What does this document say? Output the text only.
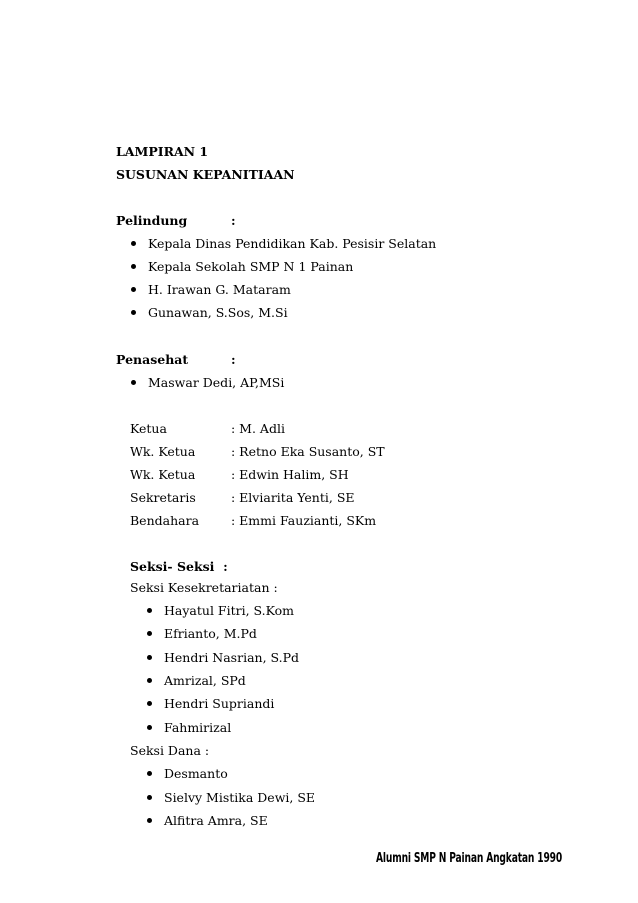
LAMPIRAN 1
SUSUNAN KEPANITIAAN
Pelindung	:
Kepala Dinas Pendidikan Kab. Pesisir Selatan
Kepala Sekolah SMP N 1 Painan
H. Irawan G. Mataram
Gunawan, S.Sos, M.Si
Penasehat	:
Maswar Dedi, AP,MSi
Ketua	: M. Adli
Wk. Ketua	: Retno Eka Susanto, ST
Wk. Ketua	: Edwin Halim, SH
Sekretaris	: Elviarita Yenti, SE
Bendahara	: Emmi Fauzianti, SKm
Seksi- Seksi  :
Seksi Kesekretariatan :
Hayatul Fitri, S.Kom
Efrianto, M.Pd
Hendri Nasrian, S.Pd
Amrizal, SPd
Hendri Supriandi
Fahmirizal
Seksi Dana :
Desmanto
Sielvy Mistika Dewi, SE
Alfitra Amra, SE
Alumni SMP N Painan Angkatan 1990
